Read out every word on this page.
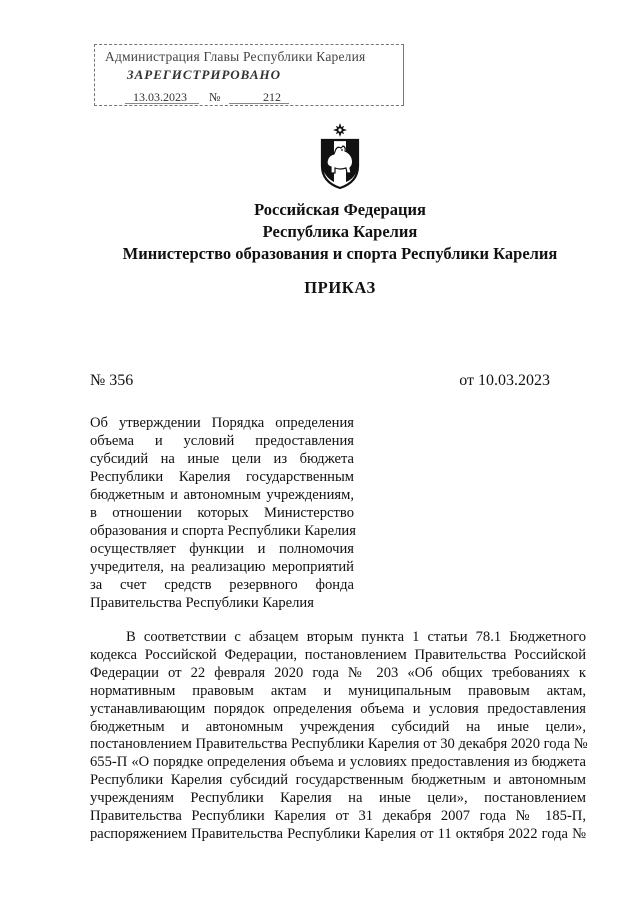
Администрация Главы Республики Карелия
ЗАРЕГИСТРИРОВАНО
13.03.2023 №	212
Российская Федерация
Республика Карелия
Министерство образования и спорта Республики Карелия
ПРИКАЗ
№ 356	от 10.03.2023
Об утверждении Порядка определения
объема и условий предоставления
субсидий на иные цели из бюджета
Республики Карелия государственным
бюджетным и автономным учреждениям,
в отношении которых Министерство
образования и спорта Республики Карелия
осуществляет функции и полномочия
учредителя, на реализацию мероприятий
за счет средств резервного фонда
Правительства Республики Карелия
В соответствии с абзацем вторым пункта 1 статьи 78.1 Бюджетного
кодекса Российской Федерации, постановлением Правительства Российской
Федерации от 22 февраля 2020 года № 203 «Об общих требованиях к
нормативным правовым актам и муниципальным правовым актам,
устанавливающим порядок определения объема и условия предоставления
бюджетным и автономным учреждения субсидий на иные цели»,
постановлением Правительства Республики Карелия от 30 декабря 2020 года №
655-П «О порядке определения объема и условиях предоставления из бюджета
Республики Карелия субсидий государственным бюджетным и автономным
учреждениям Республики Карелия на иные цели», постановлением
Правительства Республики Карелия от 31 декабря 2007 года № 185-П,
распоряжением Правительства Республики Карелия от 11 октября 2022 года №
